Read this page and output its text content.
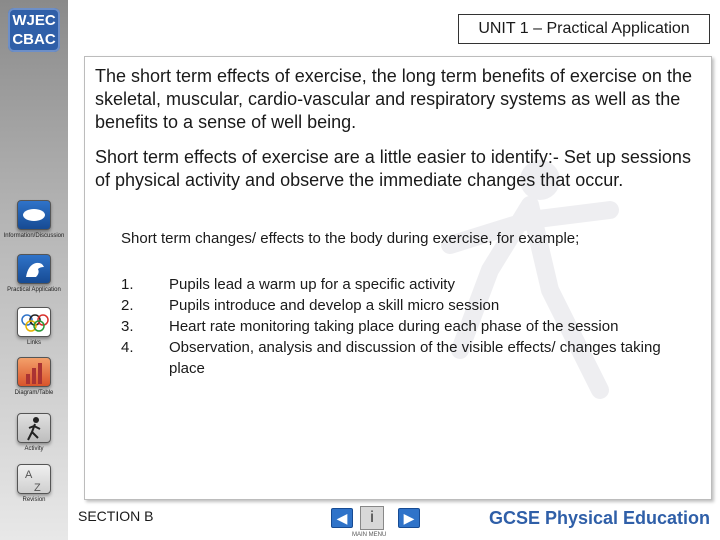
WJEC
CBAC
Information/Discussion
Practical Application
Links
Diagram/Table
Activity
A
Z
Revision
UNIT 1 – Practical Application
The short term effects of exercise, the long term benefits of exercise on the skeletal, muscular, cardio-vascular and respiratory systems as well as the benefits to a sense of well being.
Short term effects of exercise are a little easier to identify:- Set up sessions of physical activity and observe the immediate changes that occur.
Short term changes/ effects to the body during exercise, for example;
1.	Pupils lead a warm up for a specific activity
2.	Pupils introduce and develop a skill micro session
3.	Heart rate monitoring taking place during each phase of the session
4.	Observation, analysis and discussion of the visible effects/ changes taking place
SECTION B	◀	i
MAIN MENU
▶	GCSE Physical Education
